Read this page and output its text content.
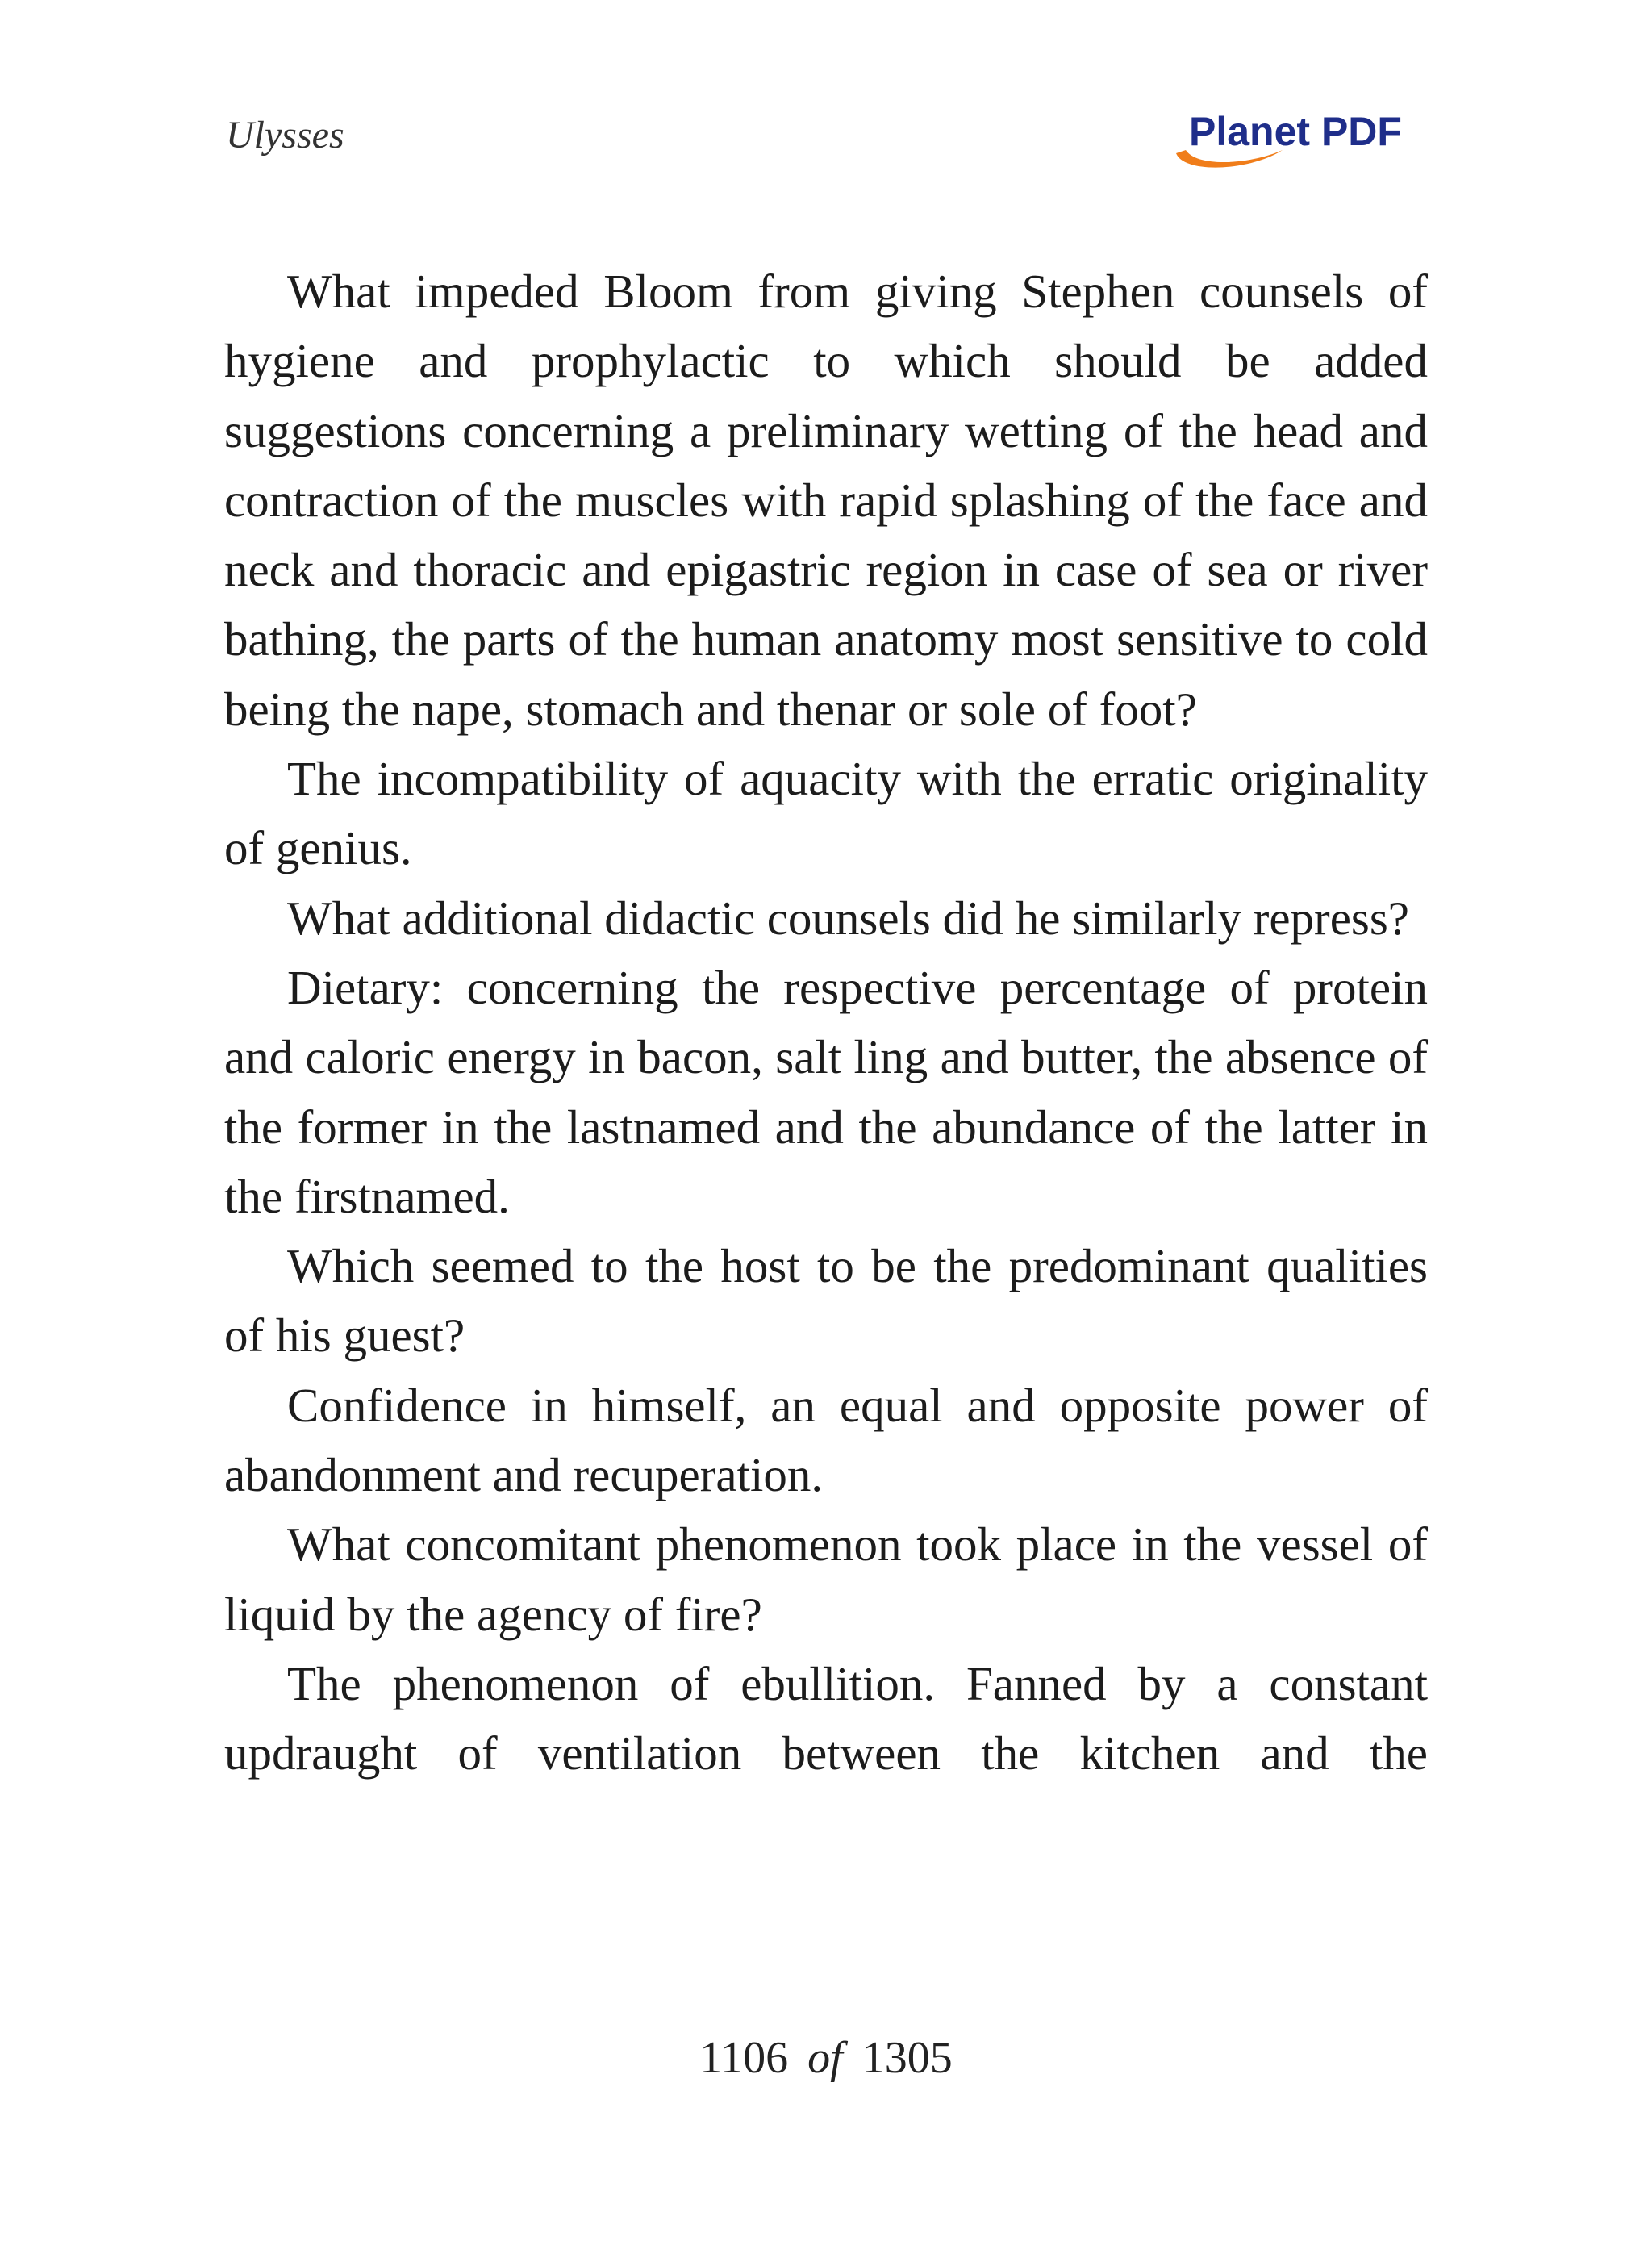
Ulysses	Planet PDF

What impeded Bloom from giving Stephen counsels of hygiene and prophylactic to which should be added suggestions concerning a preliminary wetting of the head and contraction of the muscles with rapid splashing of the face and neck and thoracic and epigastric region in case of sea or river bathing, the parts of the human anatomy most sensitive to cold being the nape, stomach and thenar or sole of foot?

The incompatibility of aquacity with the erratic originality of genius.

What additional didactic counsels did he similarly repress?

Dietary: concerning the respective percentage of protein and caloric energy in bacon, salt ling and butter, the absence of the former in the lastnamed and the abundance of the latter in the firstnamed.

Which seemed to the host to be the predominant qualities of his guest?

Confidence in himself, an equal and opposite power of abandonment and recuperation.

What concomitant phenomenon took place in the vessel of liquid by the agency of fire?

The phenomenon of ebullition. Fanned by a constant updraught of ventilation between the kitchen and the

1106 of 1305
